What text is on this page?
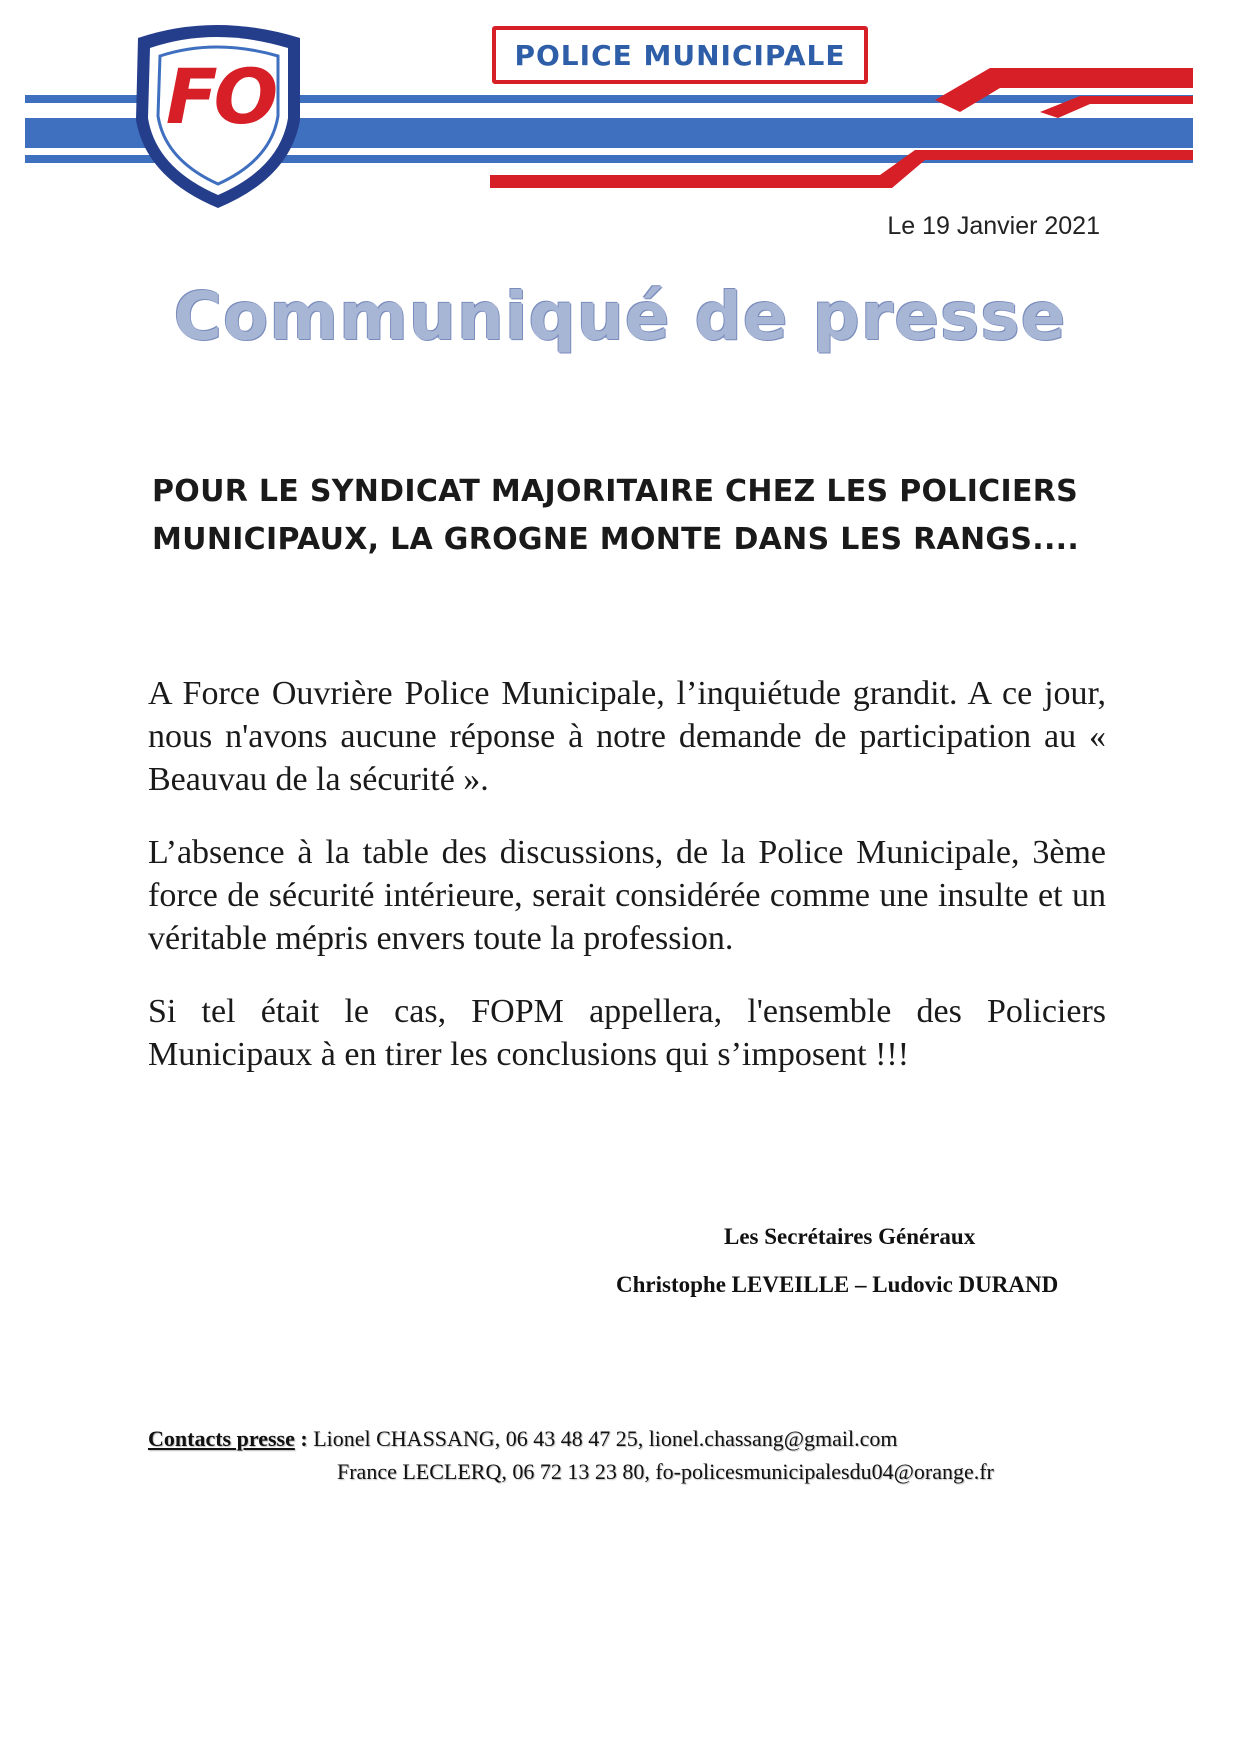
FO	POLICE MUNICIPALE
Le 19 Janvier 2021
Communiqué de presse
POUR LE SYNDICAT MAJORITAIRE CHEZ LES POLICIERS
MUNICIPAUX, LA GROGNE MONTE DANS LES RANGS....

A Force Ouvrière Police Municipale, l’inquiétude grandit. A ce jour, nous n'avons aucune réponse à notre demande de participation au « Beauvau de la sécurité ».

L’absence à la table des discussions, de la Police Municipale, 3ème force de sécurité intérieure, serait considérée comme une insulte et un véritable mépris envers toute la profession.

Si tel était le cas, FOPM appellera, l'ensemble des Policiers Municipaux à en tirer les conclusions qui s’imposent !!!

Les Secrétaires Généraux
Christophe LEVEILLE – Ludovic DURAND
Contacts presse : Lionel CHASSANG, 06 43 48 47 25, lionel.chassang@gmail.com
France LECLERQ, 06 72 13 23 80, fo-policesmunicipalesdu04@orange.fr
